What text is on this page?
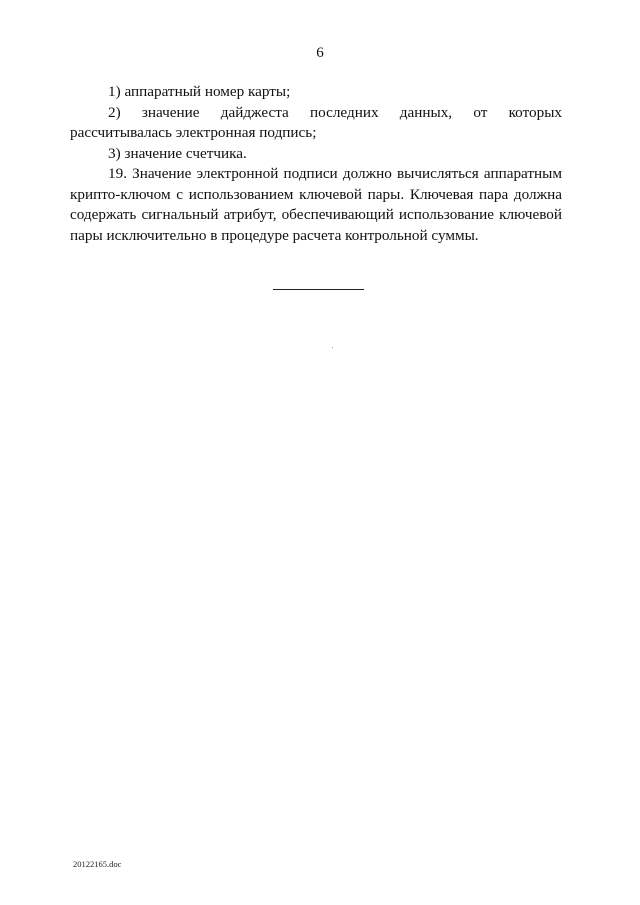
6

1) аппаратный номер карты;

2) значение дайджеста последних данных, от которых

рассчитывалась электронная подпись;

3) значение счетчика.

19. Значение электронной подписи должно вычисляться аппаратным крипто-ключом с использованием ключевой пары. Ключевая пара должна содержать сигнальный атрибут, обеспечивающий использование ключевой пары исключительно в процедуре расчета контрольной суммы.

20122165.doc
